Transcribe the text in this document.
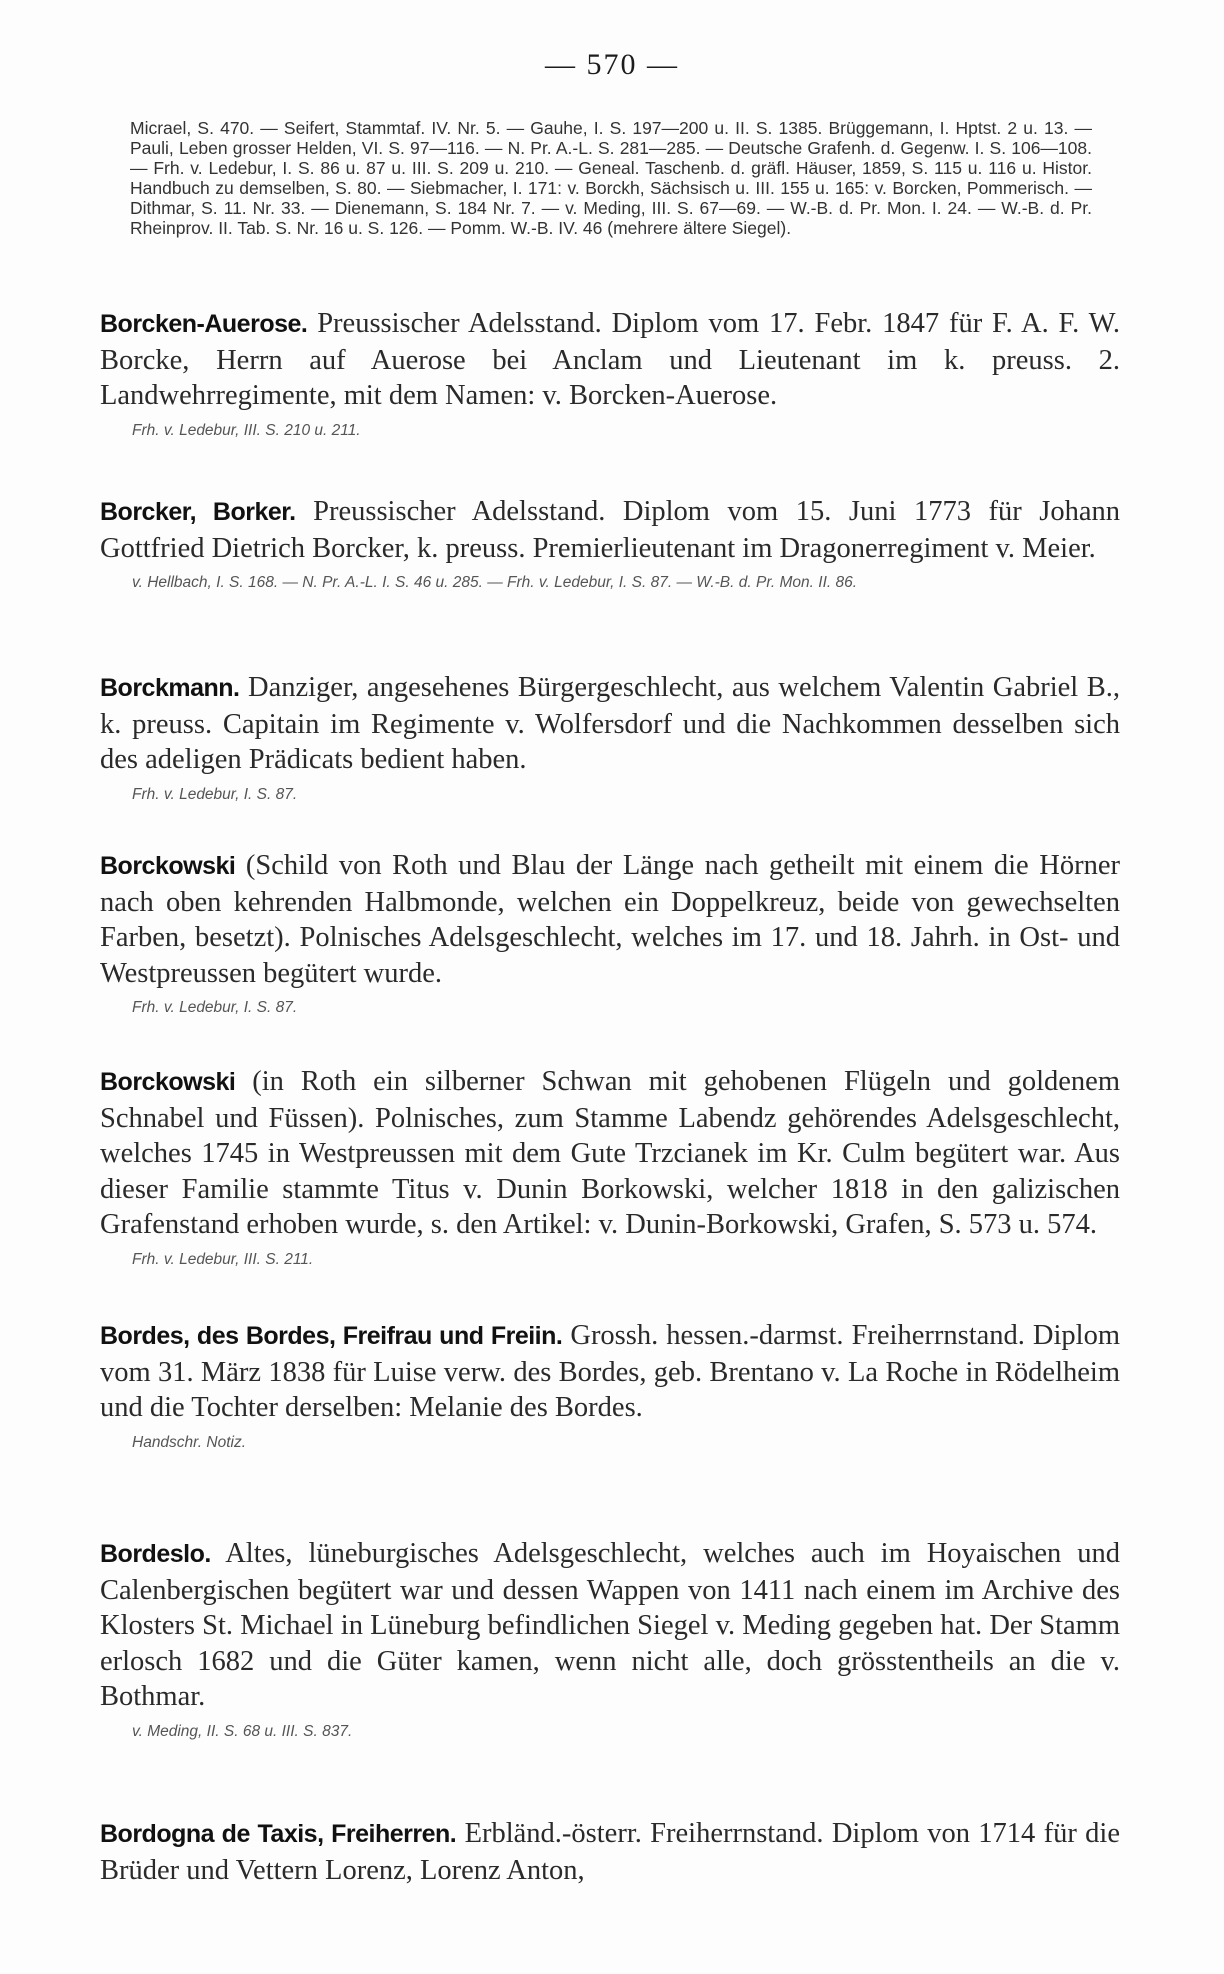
— 570 —
Micrael, S. 470. — Seifert, Stammtaf. IV. Nr. 5. — Gauhe, I. S. 197—200 u. II. S. 1385. Brüggemann, I. Hptst. 2 u. 13. — Pauli, Leben grosser Helden, VI. S. 97—116. — N. Pr. A.-L. S. 281—285. — Deutsche Grafenh. d. Gegenw. I. S. 106—108. — Frh. v. Ledebur, I. S. 86 u. 87 u. III. S. 209 u. 210. — Geneal. Taschenb. d. gräfl. Häuser, 1859, S. 115 u. 116 u. Histor. Handbuch zu demselben, S. 80. — Siebmacher, I. 171: v. Borckh, Sächsisch u. III. 155 u. 165: v. Borcken, Pommerisch. — Dithmar, S. 11. Nr. 33. — Dienemann, S. 184 Nr. 7. — v. Meding, III. S. 67—69. — W.-B. d. Pr. Mon. I. 24. — W.-B. d. Pr. Rheinprov. II. Tab. S. Nr. 16 u. S. 126. — Pomm. W.-B. IV. 46 (mehrere ältere Siegel).
Borcken-Auerose. Preussischer Adelsstand. Diplom vom 17. Febr. 1847 für F. A. F. W. Borcke, Herrn auf Auerose bei Anclam und Lieutenant im k. preuss. 2. Landwehrregimente, mit dem Namen: v. Borcken-Auerose.
Frh. v. Ledebur, III. S. 210 u. 211.
Borcker, Borker. Preussischer Adelsstand. Diplom vom 15. Juni 1773 für Johann Gottfried Dietrich Borcker, k. preuss. Premierlieutenant im Dragonerregiment v. Meier.
v. Hellbach, I. S. 168. — N. Pr. A.-L. I. S. 46 u. 285. — Frh. v. Ledebur, I. S. 87. — W.-B. d. Pr. Mon. II. 86.
Borckmann. Danziger, angesehenes Bürgergeschlecht, aus welchem Valentin Gabriel B., k. preuss. Capitain im Regimente v. Wolfersdorf und die Nachkommen desselben sich des adeligen Prädicats bedient haben.
Frh. v. Ledebur, I. S. 87.
Borckowski (Schild von Roth und Blau der Länge nach getheilt mit einem die Hörner nach oben kehrenden Halbmonde, welchen ein Doppelkreuz, beide von gewechselten Farben, besetzt). Polnisches Adelsgeschlecht, welches im 17. und 18. Jahrh. in Ost- und Westpreussen begütert wurde.
Frh. v. Ledebur, I. S. 87.
Borckowski (in Roth ein silberner Schwan mit gehobenen Flügeln und goldenem Schnabel und Füssen). Polnisches, zum Stamme Labendz gehörendes Adelsgeschlecht, welches 1745 in Westpreussen mit dem Gute Trzcianek im Kr. Culm begütert war. Aus dieser Familie stammte Titus v. Dunin Borkowski, welcher 1818 in den galizischen Grafenstand erhoben wurde, s. den Artikel: v. Dunin-Borkowski, Grafen, S. 573 u. 574.
Frh. v. Ledebur, III. S. 211.
Bordes, des Bordes, Freifrau und Freiin. Grossh. hessen.-darmst. Freiherrnstand. Diplom vom 31. März 1838 für Luise verw. des Bordes, geb. Brentano v. La Roche in Rödelheim und die Tochter derselben: Melanie des Bordes.
Handschr. Notiz.
Bordeslo. Altes, lüneburgisches Adelsgeschlecht, welches auch im Hoyaischen und Calenbergischen begütert war und dessen Wappen von 1411 nach einem im Archive des Klosters St. Michael in Lüneburg befindlichen Siegel v. Meding gegeben hat. Der Stamm erlosch 1682 und die Güter kamen, wenn nicht alle, doch grösstentheils an die v. Bothmar.
v. Meding, II. S. 68 u. III. S. 837.
Bordogna de Taxis, Freiherren. Erbländ.-österr. Freiherrnstand. Diplom von 1714 für die Brüder und Vettern Lorenz, Lorenz Anton,
